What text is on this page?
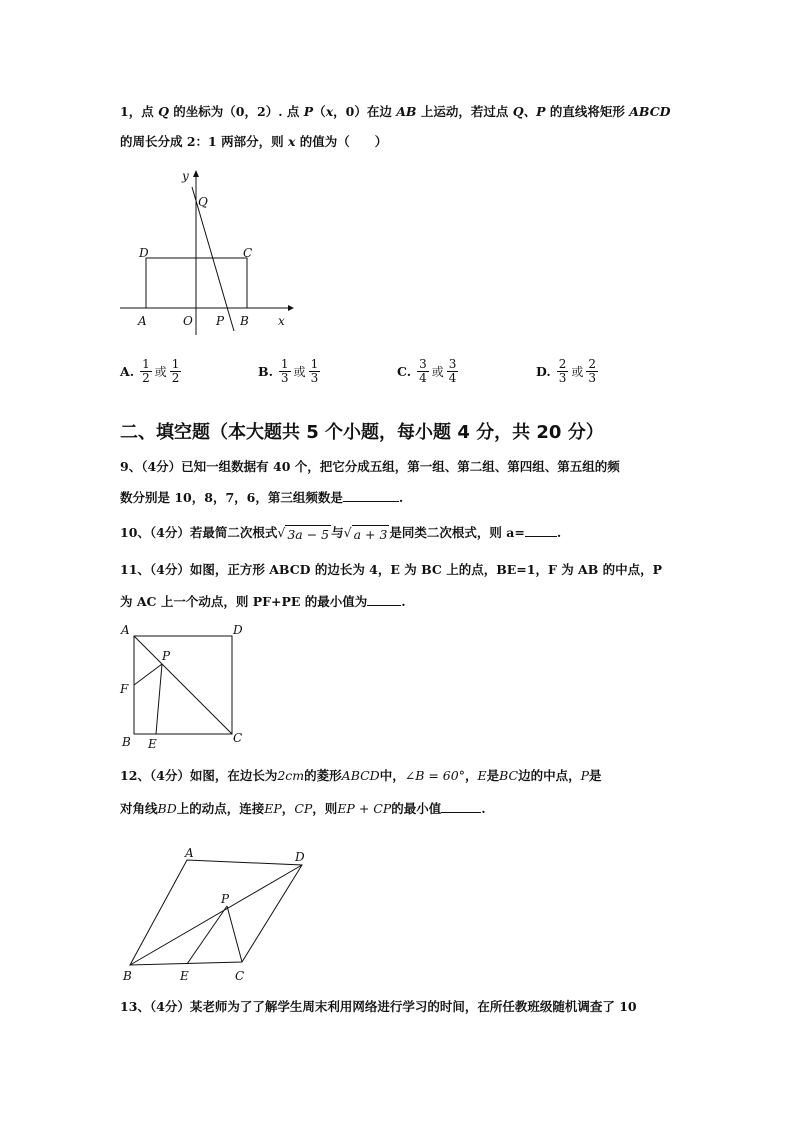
1，点 Q 的坐标为（0，2）. 点 P（x，0）在边 AB 上运动，若过点 Q、P 的直线将矩形 ABCD
的周长分成 2：1 两部分，则 x 的值为（　　）
y
Q
D	C
A	O P B x
A. $\frac{1}{2}$ 或 $\frac{1}{2}$	B. $\frac{1}{3}$ 或 $\frac{1}{3}$	C. $\frac{3}{4}$ 或 $\frac{3}{4}$	D. $\frac{2}{3}$ 或 $\frac{2}{3}$
二、填空题（本大题共 5 个小题，每小题 4 分，共 20 分）
9、（4分）已知一组数据有 40 个，把它分成五组，第一组、第二组、第四组、第五组的频
数分别是 10，8，7，6，第三组频数是	.
10、（4分）若最简二次根式 √ 3a − 5 与 √ a + 3 是同类二次根式，则 a=	.
11、（4分）如图，正方形 ABCD 的边长为 4，E 为 BC 上的点，BE=1，F 为 AB 的中点，P
为 AC 上一个动点，则 PF+PE 的最小值为	.
A	D
P
F
B E	C
12、（4分）如图，在边长为2cm的菱形ABCD中，∠B = 60°，E是BC边的中点，P是
对角线BD上的动点，连接EP，CP，则EP + CP的最小值	.
A	D
P
B	E	C
13、（4分）某老师为了了解学生周末利用网络进行学习的时间，在所任教班级随机调查了 10
